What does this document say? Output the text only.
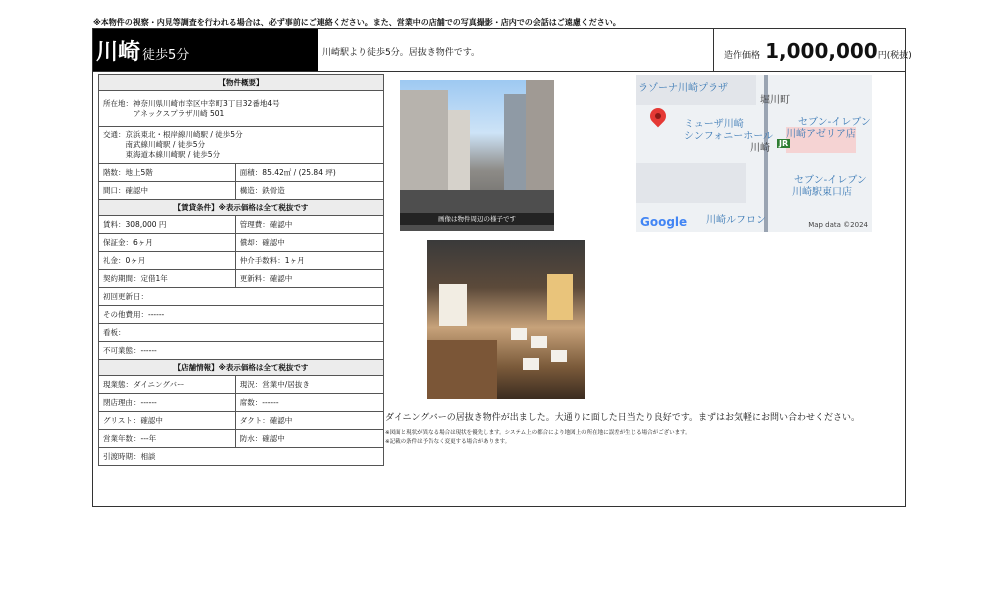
※本物件の視察・内見等調査を行われる場合は、必ず事前にご連絡ください。また、営業中の店舗での写真撮影・店内での会話はご遠慮ください。
川崎 徒歩5分	川崎駅より徒歩5分。居抜き物件です。	造作価格 1,000,000円(税抜)
【物件概要】	

所在地： 神奈川県川崎市幸区中幸町3丁目32番地4号
アネックスプラザ川崎 501	

交通： 京浜東北・根岸線川崎駅 / 徒歩5分
南武線川崎駅 / 徒歩5分
東海道本線川崎駅 / 徒歩5分	

階数：地上5階	面積：85.42㎡ / (25.84 坪)
間口：確認中	構造：鉄骨造
【賃貸条件】※表示価格は全て税抜です	
賃料：308,000 円	管理費：確認中
保証金：6ヶ月	償却：確認中
礼金：0ヶ月	仲介手数料：1ヶ月
契約期間：定借1年	更新料：確認中
初回更新日：	
その他費用：------	
看板：	
不可業態：------	
【店舗情報】※表示価格は全て税抜です	
現業態：ダイニングバー	現況：営業中/居抜き
閉店理由：------	席数：------
グリスト：確認中	ダクト：確認中
営業年数：---年	防水：確認中
引渡時期：相談	
画像は物件周辺の様子です
ラゾーナ川崎プラザ
堀川町
ミューザ川崎
シンフォニーホール
川崎 JR
セブン-イレブン
川崎アゼリア店
セブン-イレブン
川崎駅東口店
川崎ルフロン
Google	Map data ©2024
ダイニングバーの居抜き物件が出ました。大通りに面した日当たり良好です。まずはお気軽にお問い合わせください。
※図面と現状が異なる場合は現状を優先します。システム上の都合により地図上の所在地に誤差が生じる場合がございます。
※記載の条件は予告なく変更する場合があります。
